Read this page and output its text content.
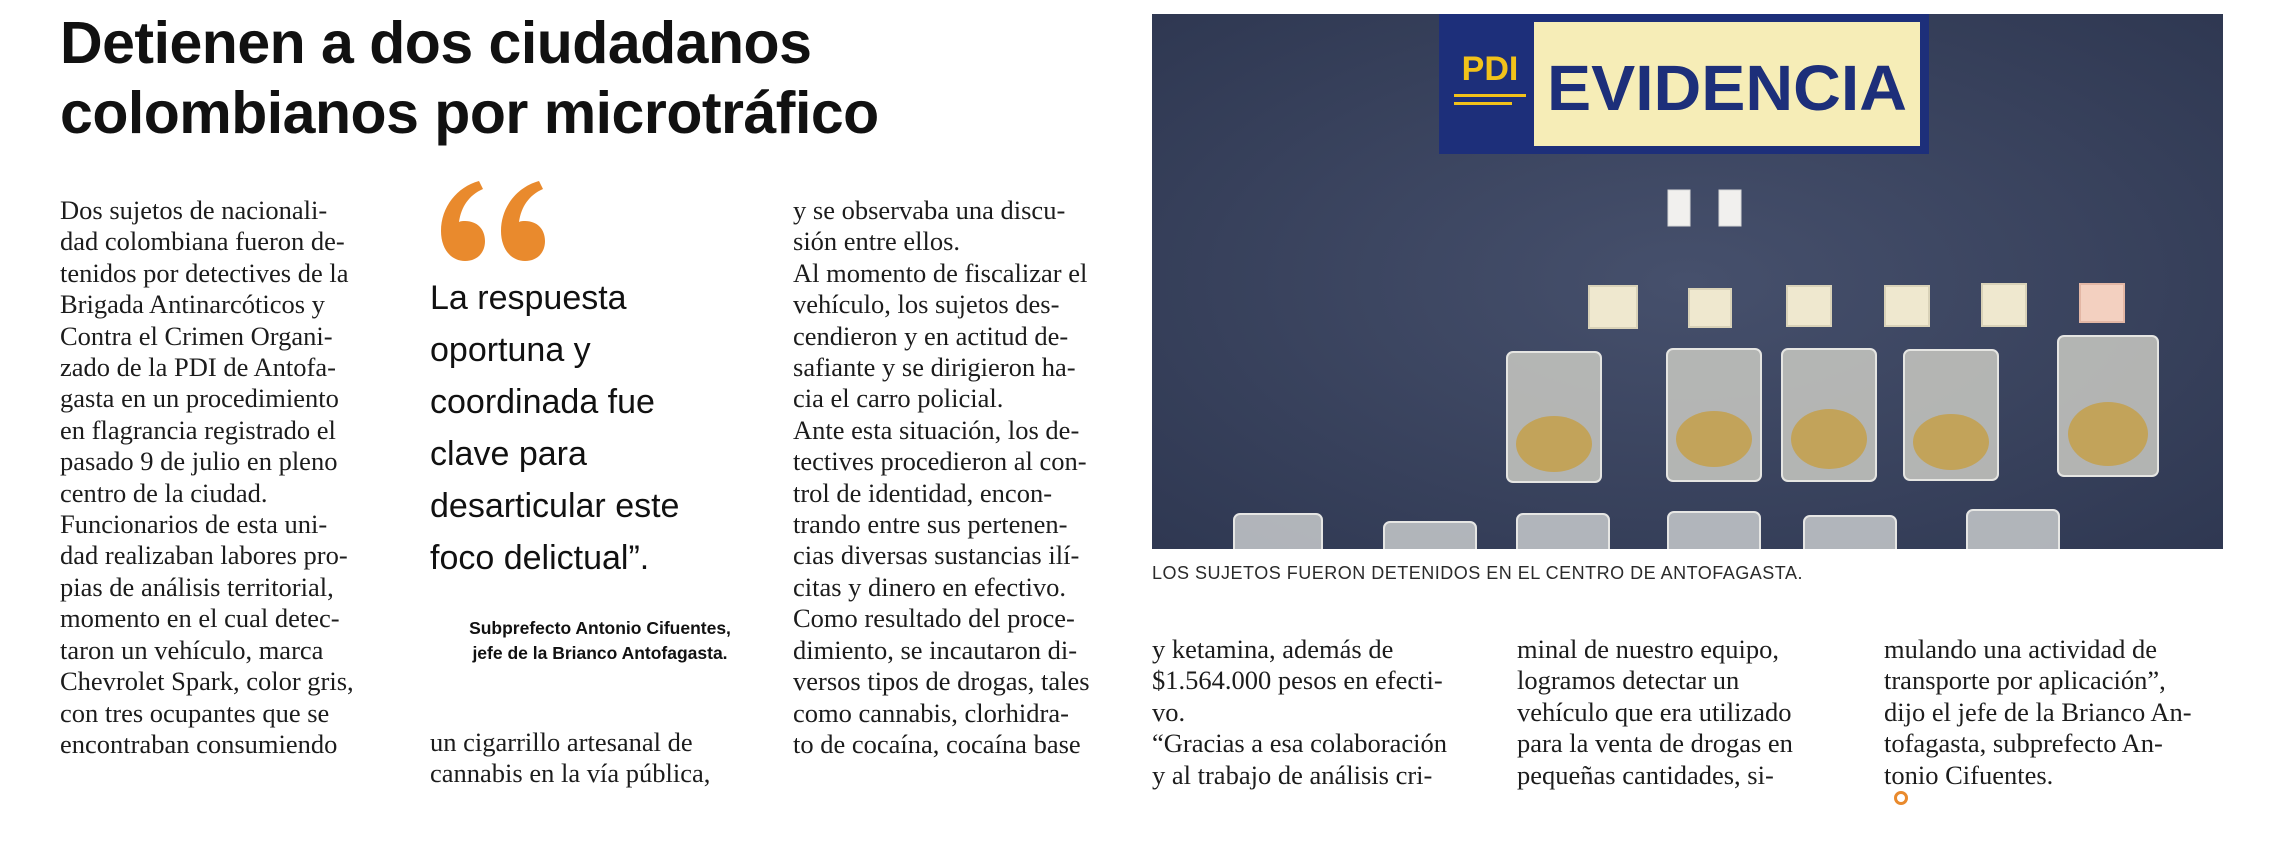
Detienen a dos ciudadanos
colombianos por microtráfico
Dos sujetos de nacionali-
dad colombiana fueron de-
tenidos por detectives de la
Brigada Antinarcóticos y
Contra el Crimen Organi-
zado de la PDI de Antofa-
gasta en un procedimiento
en flagrancia registrado el
pasado 9 de julio en pleno
centro de la ciudad.
Funcionarios de esta uni-
dad realizaban labores pro-
pias de análisis territorial,
momento en el cual detec-
taron un vehículo, marca
Chevrolet Spark, color gris,
con tres ocupantes que se
encontraban consumiendo
La respuesta
oportuna y
coordinada fue
clave para
desarticular este
foco delictual”.
Subprefecto Antonio Cifuentes,
jefe de la Brianco Antofagasta.
un cigarrillo artesanal de
cannabis en la vía pública,
y se observaba una discu-
sión entre ellos.
Al momento de fiscalizar el
vehículo, los sujetos des-
cendieron y en actitud de-
safiante y se dirigieron ha-
cia el carro policial.
Ante esta situación, los de-
tectives procedieron al con-
trol de identidad, encon-
trando entre sus pertenen-
cias diversas sustancias ilí-
citas y dinero en efectivo.
Como resultado del proce-
dimiento, se incautaron di-
versos tipos de drogas, tales
como cannabis, clorhidra-
to de cocaína, cocaína base
PDI EVIDENCIA
LOS SUJETOS FUERON DETENIDOS EN EL CENTRO DE ANTOFAGASTA.
y ketamina, además de
$1.564.000 pesos en efecti-
vo.
“Gracias a esa colaboración
y al trabajo de análisis cri-
minal de nuestro equipo,
logramos detectar un
vehículo que era utilizado
para la venta de drogas en
pequeñas cantidades, si-
mulando una actividad de
transporte por aplicación”,
dijo el jefe de la Brianco An-
tofagasta, subprefecto An-
tonio Cifuentes.
